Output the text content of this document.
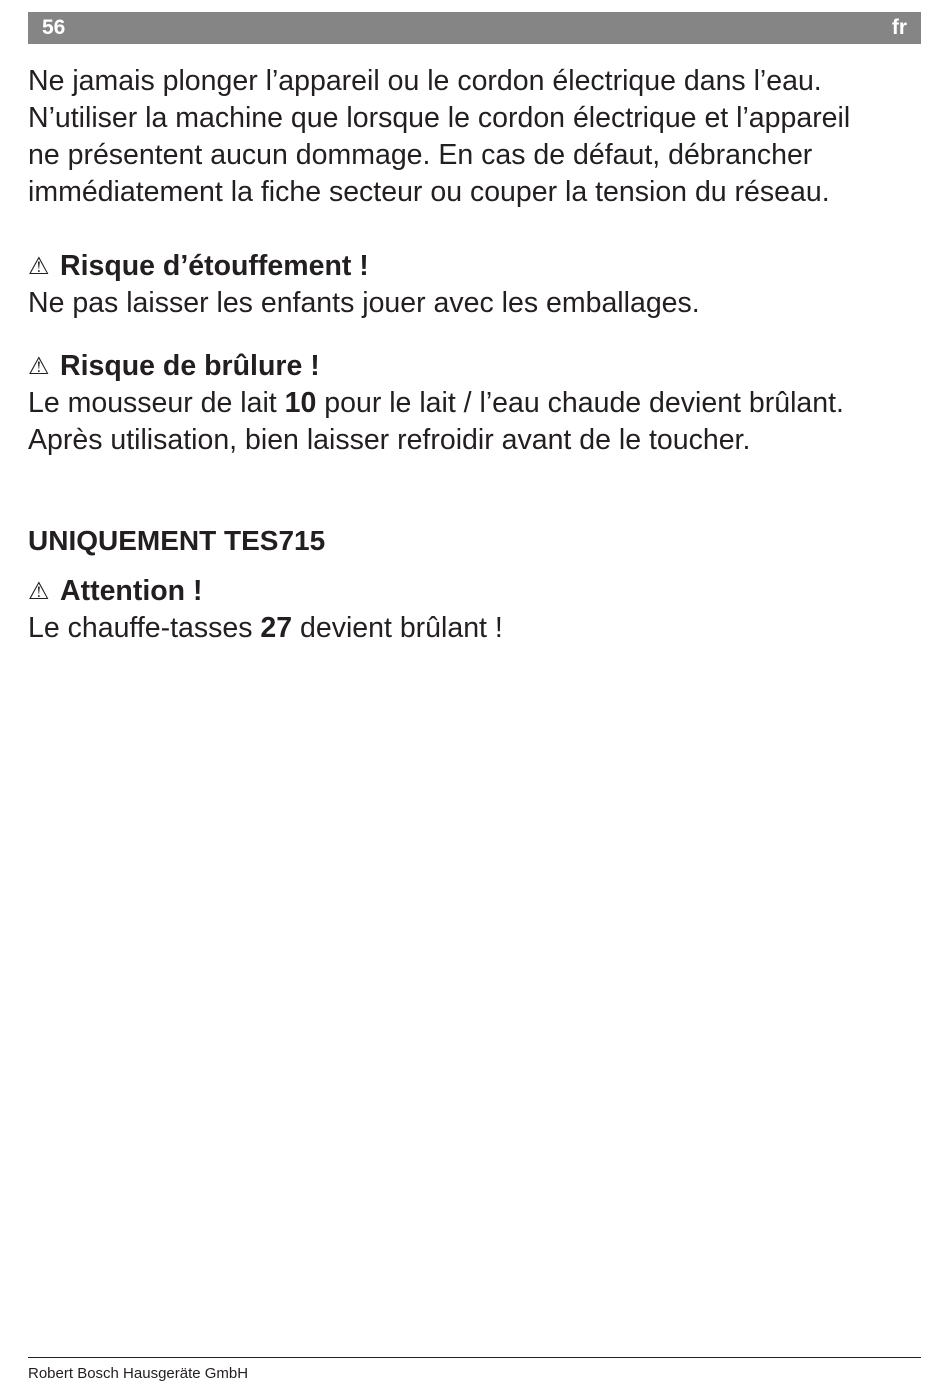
56	fr

Ne jamais plonger l’appareil ou le cordon électrique dans l’eau.

N’utiliser la machine que lorsque le cordon électrique et l’appareil

ne présentent aucun dommage. En cas de défaut, débrancher

immédiatement la fiche secteur ou couper la tension du réseau.

⚠ Risque d’étouffement !

Ne pas laisser les enfants jouer avec les emballages.

⚠ Risque de brûlure !

Le mousseur de lait 10 pour le lait / l’eau chaude devient brûlant.

Après utilisation, bien laisser refroidir avant de le toucher.

UNIQUEMENT TES715

⚠ Attention !

Le chauffe-tasses 27 devient brûlant !

Robert Bosch Hausgeräte GmbH
